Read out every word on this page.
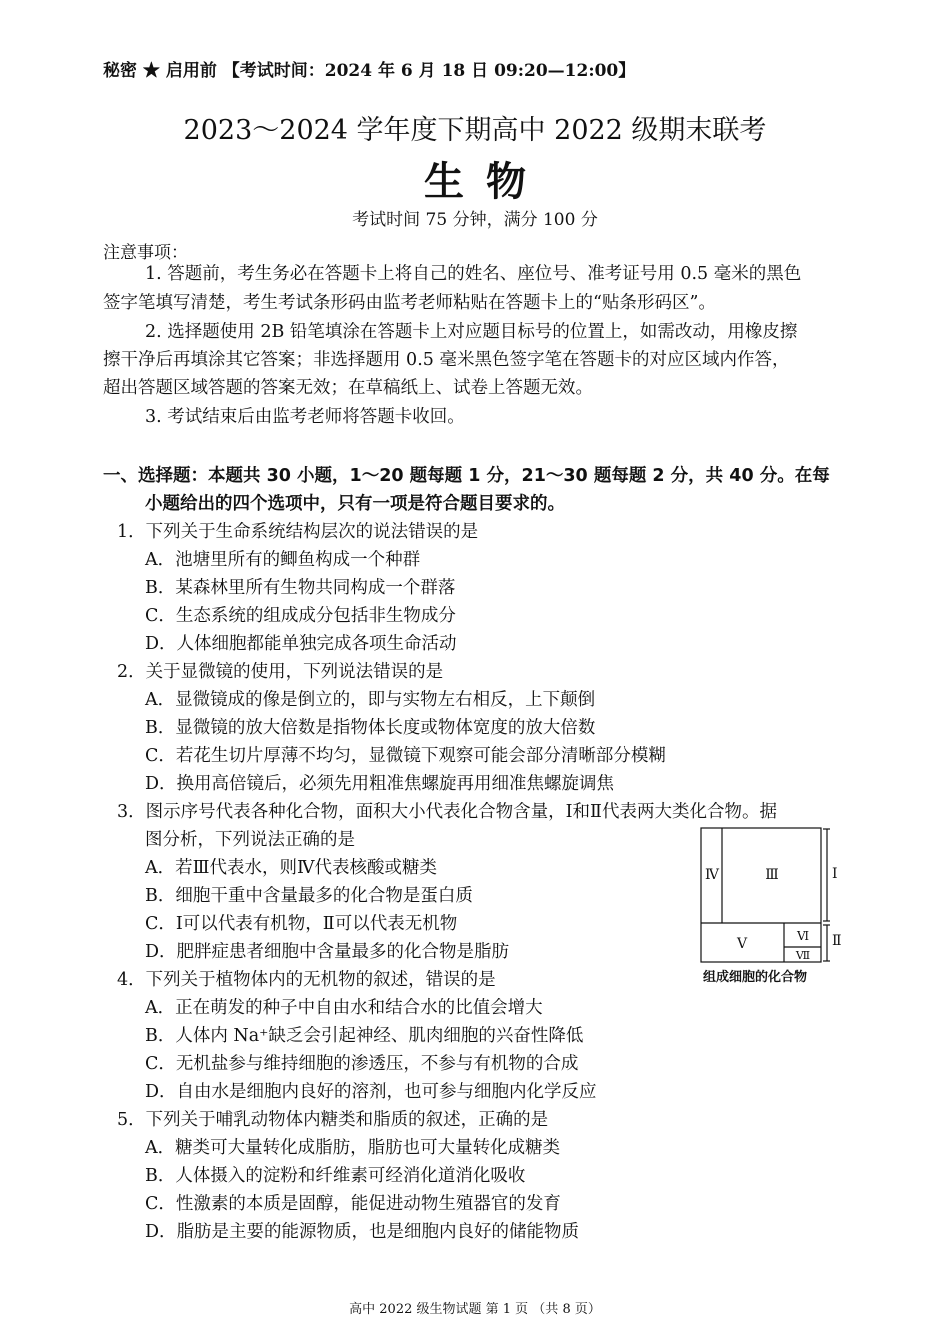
秘密 ★ 启用前 【考试时间：2024 年 6 月 18 日 09:20—12:00】
2023～2024 学年度下期高中 2022 级期末联考
生物
考试时间 75 分钟，满分 100 分
注意事项：
1. 答题前，考生务必在答题卡上将自己的姓名、座位号、准考证号用 0.5 毫米的黑色
签字笔填写清楚，考生考试条形码由监考老师粘贴在答题卡上的“贴条形码区”。
2. 选择题使用 2B 铅笔填涂在答题卡上对应题目标号的位置上，如需改动，用橡皮擦
擦干净后再填涂其它答案；非选择题用 0.5 毫米黑色签字笔在答题卡的对应区域内作答，
超出答题区域答题的答案无效；在草稿纸上、试卷上答题无效。
3. 考试结束后由监考老师将答题卡收回。
一、选择题：本题共 30 小题，1～20 题每题 1 分，21～30 题每题 2 分，共 40 分。在每
小题给出的四个选项中，只有一项是符合题目要求的。
1．下列关于生命系统结构层次的说法错误的是
A．池塘里所有的鲫鱼构成一个种群
B．某森林里所有生物共同构成一个群落
C．生态系统的组成成分包括非生物成分
D．人体细胞都能单独完成各项生命活动
2．关于显微镜的使用，下列说法错误的是
A．显微镜成的像是倒立的，即与实物左右相反，上下颠倒
B．显微镜的放大倍数是指物体长度或物体宽度的放大倍数
C．若花生切片厚薄不均匀，显微镜下观察可能会部分清晰部分模糊
D．换用高倍镜后，必须先用粗准焦螺旋再用细准焦螺旋调焦
3．图示序号代表各种化合物，面积大小代表化合物含量，Ⅰ和Ⅱ代表两大类化合物。据
图分析，下列说法正确的是
A．若Ⅲ代表水，则Ⅳ代表核酸或糖类
B．细胞干重中含量最多的化合物是蛋白质
C．Ⅰ可以代表有机物，Ⅱ可以代表无机物
D．肥胖症患者细胞中含量最多的化合物是脂肪
Ⅳ	Ⅲ
Ⅴ	Ⅵ
Ⅶ
Ⅰ
Ⅱ
组成细胞的化合物
4．下列关于植物体内的无机物的叙述，错误的是
A．正在萌发的种子中自由水和结合水的比值会增大
B．人体内 Na⁺缺乏会引起神经、肌肉细胞的兴奋性降低
C．无机盐参与维持细胞的渗透压，不参与有机物的合成
D．自由水是细胞内良好的溶剂，也可参与细胞内化学反应
5．下列关于哺乳动物体内糖类和脂质的叙述，正确的是
A．糖类可大量转化成脂肪，脂肪也可大量转化成糖类
B．人体摄入的淀粉和纤维素可经消化道消化吸收
C．性激素的本质是固醇，能促进动物生殖器官的发育
D．脂肪是主要的能源物质，也是细胞内良好的储能物质
高中 2022 级生物试题 第 1 页 （共 8 页）
